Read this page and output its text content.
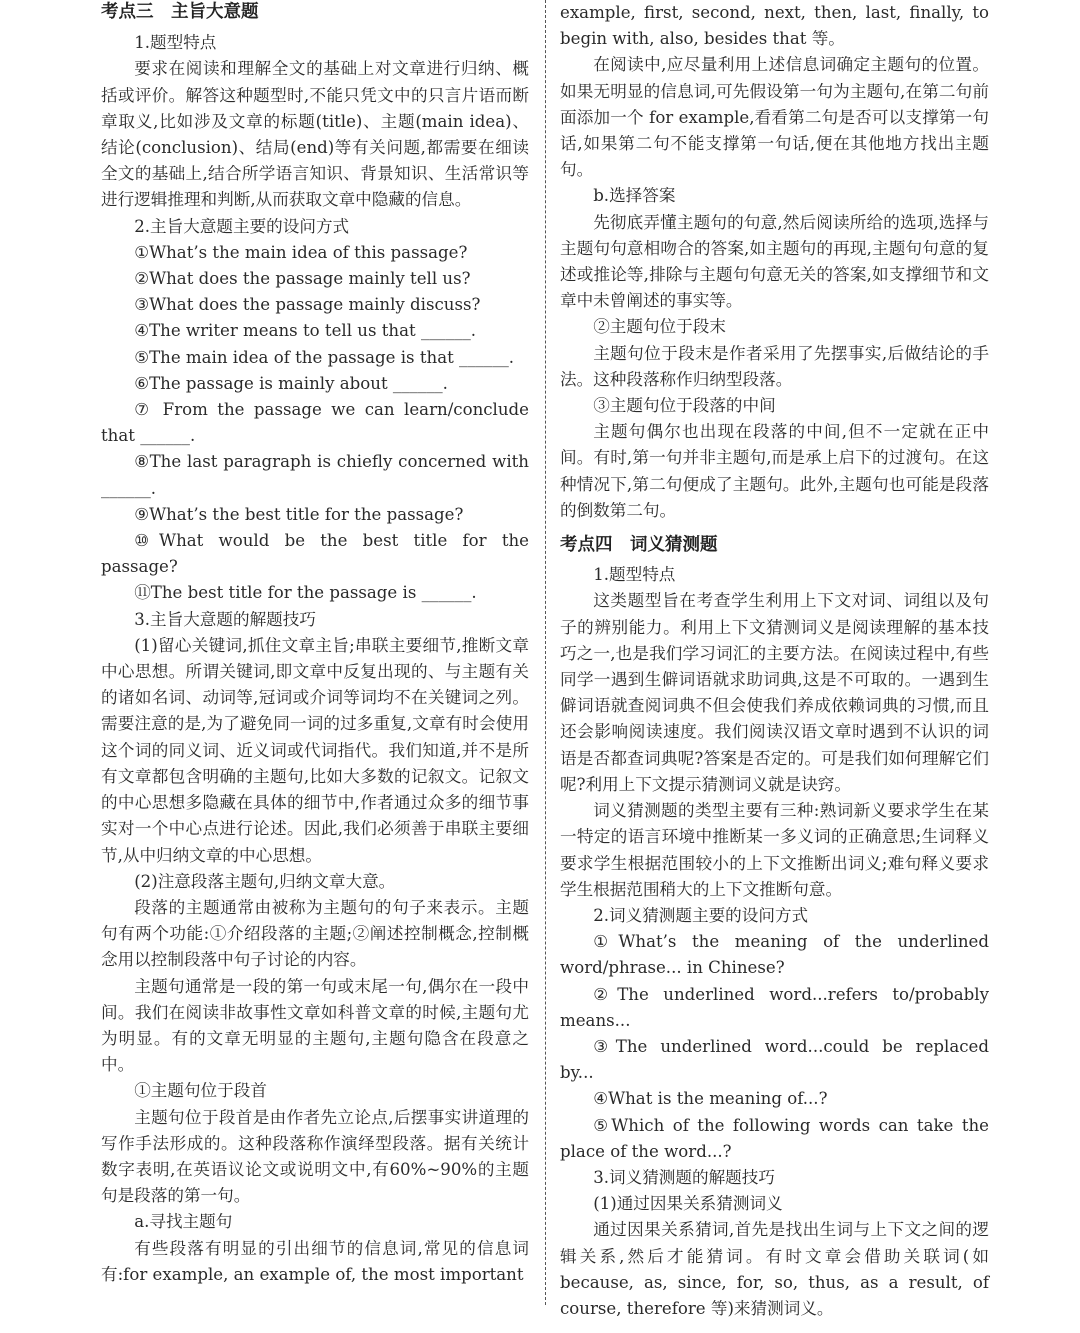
考点三　主旨大意题

1.题型特点

要求在阅读和理解全文的基础上对文章进行归纳、概括或评价。解答这种题型时,不能只凭文中的只言片语而断章取义,比如涉及文章的标题(title)、主题(main idea)、结论(conclusion)、结局(end)等有关问题,都需要在细读全文的基础上,结合所学语言知识、背景知识、生活常识等进行逻辑推理和判断,从而获取文章中隐藏的信息。

2.主旨大意题主要的设问方式

①What’s the main idea of this passage?

②What does the passage mainly tell us?

③What does the passage mainly discuss?

④The writer means to tell us that ______.

⑤The main idea of the passage is that ______.

⑥The passage is mainly about ______.

⑦ From the passage we can learn/conclude that ______.

⑧The last paragraph is chiefly concerned with ______.

⑨What’s the best title for the passage?

⑩What would be the best title for the passage?

⑪The best title for the passage is ______.

3.主旨大意题的解题技巧

(1)留心关键词,抓住文章主旨;串联主要细节,推断文章中心思想。所谓关键词,即文章中反复出现的、与主题有关的诸如名词、动词等,冠词或介词等词均不在关键词之列。需要注意的是,为了避免同一词的过多重复,文章有时会使用这个词的同义词、近义词或代词指代。我们知道,并不是所有文章都包含明确的主题句,比如大多数的记叙文。记叙文的中心思想多隐藏在具体的细节中,作者通过众多的细节事实对一个中心点进行论述。因此,我们必须善于串联主要细节,从中归纳文章的中心思想。

(2)注意段落主题句,归纳文章大意。

段落的主题通常由被称为主题句的句子来表示。主题句有两个功能:①介绍段落的主题;②阐述控制概念,控制概念用以控制段落中句子讨论的内容。

主题句通常是一段的第一句或末尾一句,偶尔在一段中间。我们在阅读非故事性文章如科普文章的时候,主题句尤为明显。有的文章无明显的主题句,主题句隐含在段意之中。

①主题句位于段首

主题句位于段首是由作者先立论点,后摆事实讲道理的写作手法形成的。这种段落称作演绎型段落。据有关统计数字表明,在英语议论文或说明文中,有60%~90%的主题句是段落的第一句。

a.寻找主题句

有些段落有明显的引出细节的信息词,常见的信息词有:for example, an example of, the most important

example, first, second, next, then, last, finally, to begin with, also, besides that 等。

在阅读中,应尽量利用上述信息词确定主题句的位置。如果无明显的信息词,可先假设第一句为主题句,在第二句前面添加一个 for example,看看第二句是否可以支撑第一句话,如果第二句不能支撑第一句话,便在其他地方找出主题句。

b.选择答案

先彻底弄懂主题句的句意,然后阅读所给的选项,选择与主题句句意相吻合的答案,如主题句的再现,主题句句意的复述或推论等,排除与主题句句意无关的答案,如支撑细节和文章中未曾阐述的事实等。

②主题句位于段末

主题句位于段末是作者采用了先摆事实,后做结论的手法。这种段落称作归纳型段落。

③主题句位于段落的中间

主题句偶尔也出现在段落的中间,但不一定就在正中间。有时,第一句并非主题句,而是承上启下的过渡句。在这种情况下,第二句便成了主题句。此外,主题句也可能是段落的倒数第二句。

考点四　词义猜测题

1.题型特点

这类题型旨在考查学生利用上下文对词、词组以及句子的辨别能力。利用上下文猜测词义是阅读理解的基本技巧之一,也是我们学习词汇的主要方法。在阅读过程中,有些同学一遇到生僻词语就求助词典,这是不可取的。一遇到生僻词语就查阅词典不但会使我们养成依赖词典的习惯,而且还会影响阅读速度。我们阅读汉语文章时遇到不认识的词语是否都查词典呢?答案是否定的。可是我们如何理解它们呢?利用上下文提示猜测词义就是诀窍。

词义猜测题的类型主要有三种:熟词新义要求学生在某一特定的语言环境中推断某一多义词的正确意思;生词释义要求学生根据范围较小的上下文推断出词义;难句释义要求学生根据范围稍大的上下文推断句意。

2.词义猜测题主要的设问方式

①What’s the meaning of the underlined word/phrase... in Chinese?

②The underlined word...refers to/probably means...

③The underlined word...could be replaced by...

④What is the meaning of...?

⑤Which of the following words can take the place of the word...?

3.词义猜测题的解题技巧

(1)通过因果关系猜测词义

通过因果关系猜词,首先是找出生词与上下文之间的逻辑关系,然后才能猜词。有时文章会借助关联词(如because, as, since, for, so, thus, as a result, of course, therefore 等)来猜测词义。
